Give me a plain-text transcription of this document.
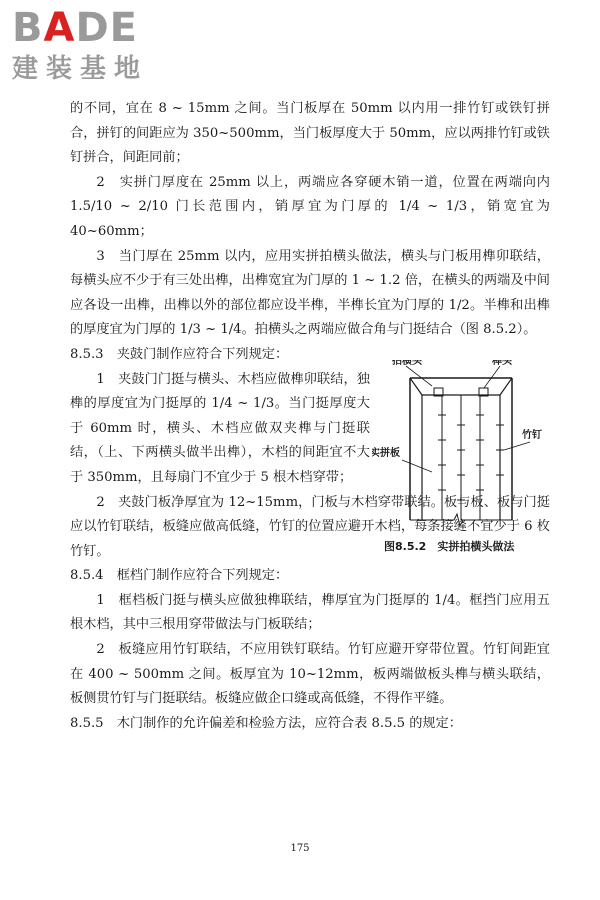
BADE
建装基地

的不同，宜在 8 ~ 15mm 之间。当门板厚在 50mm 以内用一排竹钉或铁钉拼合，拼钉的间距应为 350~500mm，当门板厚度大于 50mm，应以两排竹钉或铁钉拼合，间距同前；

2　实拼门厚度在 25mm 以上，两端应各穿硬木销一道，位置在两端向内 1.5/10 ~ 2/10 门长范围内，销厚宜为门厚的 1/4 ~ 1/3，销宽宜为 40~60mm；

3　当门厚在 25mm 以内，应用实拼拍横头做法，横头与门板用榫卯联结，每横头应不少于有三处出榫，出榫宽宜为门厚的 1 ~ 1.2 倍，在横头的两端及中间应各设一出榫，出榫以外的部位都应设半榫，半榫长宜为门厚的 1/2。半榫和出榫的厚度宜为门厚的 1/3 ~ 1/4。拍横头之两端应做合角与门挺结合（图 8.5.2）。

8.5.3　夹鼓门制作应符合下列规定：

1　夹鼓门门挺与横头、木档应做榫卯联结，独榫的厚度宜为门挺厚的 1/4 ~ 1/3。当门挺厚度大于 60mm 时，横头、木档应做双夹榫与门挺联结，（上、下两横头做半出榫），木档的间距宜不大于 350mm，且每扇门不宜少于 5 根木档穿带；

2　夹鼓门板净厚宜为 12~15mm，门板与木档穿带联结。板与板、板与门挺应以竹钉联结，板缝应做高低缝，竹钉的位置应避开木档，每条接缝不宜少于 6 枚竹钉。

8.5.4　框档门制作应符合下列规定：

1　框档板门挺与横头应做独榫联结，榫厚宜为门挺厚的 1/4。框挡门应用五根木档，其中三根用穿带做法与门板联结；

2　板缝应用竹钉联结，不应用铁钉联结。竹钉应避开穿带位置。竹钉间距宜在 400 ~ 500mm 之间。板厚宜为 10~12mm，板两端做板头榫与横头联结，板侧贯竹钉与门挺联结。板缝应做企口缝或高低缝，不得作平缝。

8.5.5　木门制作的允许偏差和检验方法，应符合表 8.5.5 的规定：

拍横头	榫头
竹钉
实拼板
图8.5.2　实拼拍横头做法
175
